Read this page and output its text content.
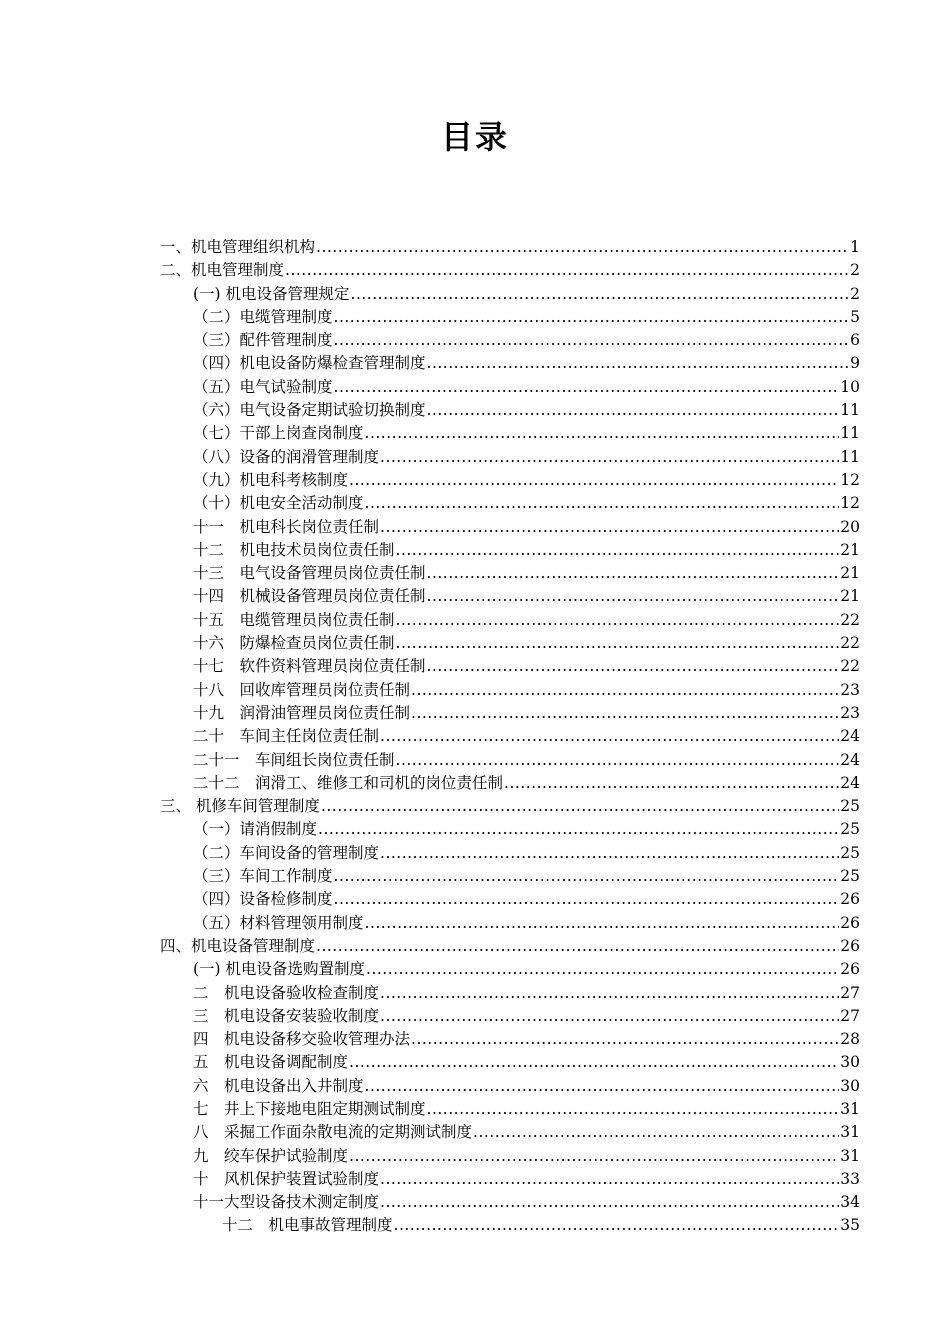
目录
一、机电管理组织机构 .....	1
二、机电管理制度 .....	2
(一) 机电设备管理规定 .....	2
（二）电缆管理制度 .....	5
（三）配件管理制度 .....	6
（四）机电设备防爆检查管理制度 .....	9
（五）电气试验制度 .....	10
（六）电气设备定期试验切换制度 .....	11
（七）干部上岗查岗制度 .....	11
（八）设备的润滑管理制度 .....	11
（九）机电科考核制度 .....	12
（十）机电安全活动制度 .....	12
十一　机电科长岗位责任制 .....	20
十二　机电技术员岗位责任制 .....	21
十三　电气设备管理员岗位责任制 .....	21
十四　机械设备管理员岗位责任制 .....	21
十五　电缆管理员岗位责任制 .....	22
十六　防爆检查员岗位责任制 .....	22
十七　软件资料管理员岗位责任制 .....	22
十八　回收库管理员岗位责任制 .....	23
十九　润滑油管理员岗位责任制 .....	23
二十　车间主任岗位责任制 .....	24
二十一　车间组长岗位责任制 .....	24
二十二　润滑工、维修工和司机的岗位责任制 .....	24
三、 机修车间管理制度 .....	25
（一）请消假制度 .....	25
（二）车间设备的管理制度 .....	25
（三）车间工作制度 .....	25
（四）设备检修制度 .....	26
（五）材料管理领用制度 .....	26
四、机电设备管理制度 .....	26
(一) 机电设备选购置制度 .....	26
二　机电设备验收检查制度 .....	27
三　机电设备安装验收制度 .....	27
四　机电设备移交验收管理办法 .....	28
五　机电设备调配制度 .....	30
六　机电设备出入井制度 .....	30
七　井上下接地电阻定期测试制度 .....	31
八　采掘工作面杂散电流的定期测试制度 .....	31
九　绞车保护试验制度 .....	31
十　风机保护装置试验制度 .....	33
十一大型设备技术测定制度 .....	34
十二　机电事故管理制度 .....	35
